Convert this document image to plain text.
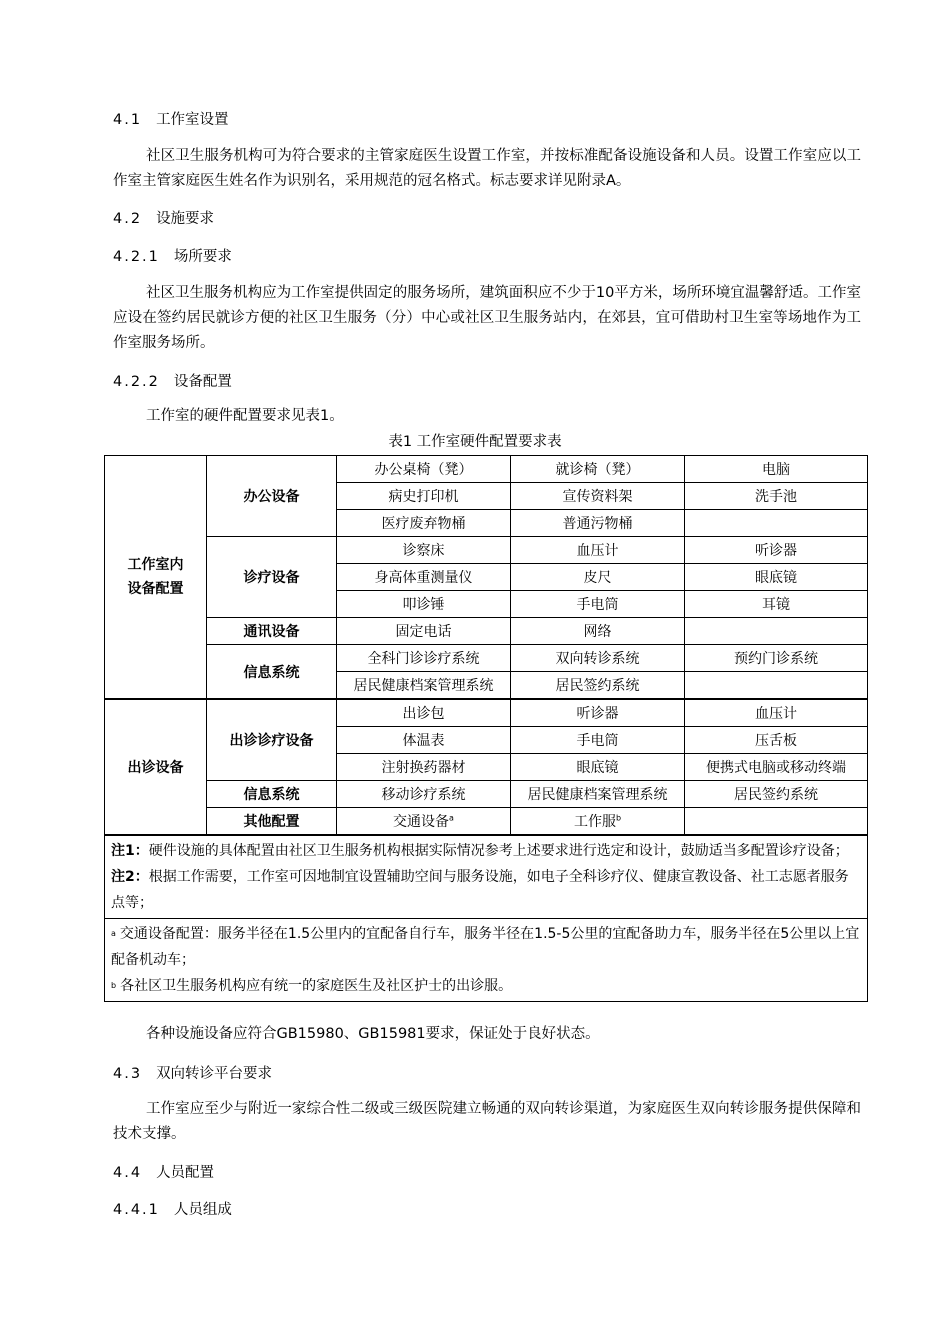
4.1 工作室设置
社区卫生服务机构可为符合要求的主管家庭医生设置工作室，并按标准配备设施设备和人员。设置工作室应以工作室主管家庭医生姓名作为识别名，采用规范的冠名格式。标志要求详见附录A。
4.2 设施要求
4.2.1 场所要求
社区卫生服务机构应为工作室提供固定的服务场所，建筑面积应不少于10平方米，场所环境宜温馨舒适。工作室应设在签约居民就诊方便的社区卫生服务（分）中心或社区卫生服务站内，在郊县，宜可借助村卫生室等场地作为工作室服务场所。
4.2.2 设备配置
工作室的硬件配置要求见表1。
表1 工作室硬件配置要求表
工作室内
设备配置	办公设备	办公桌椅（凳）	就诊椅（凳）	电脑
		病史打印机	宣传资料架	洗手池
		医疗废弃物桶	普通污物桶	
	诊疗设备	诊察床	血压计	听诊器
		身高体重测量仪	皮尺	眼底镜
		叩诊锤	手电筒	耳镜
	通讯设备	固定电话	网络	
	信息系统	全科门诊诊疗系统	双向转诊系统	预约门诊系统
		居民健康档案管理系统	居民签约系统	
出诊设备	出诊诊疗设备	出诊包	听诊器	血压计
		体温表	手电筒	压舌板
		注射换药器材	眼底镜	便携式电脑或移动终端
	信息系统	移动诊疗系统	居民健康档案管理系统	居民签约系统
	其他配置	交通设备$^a$	工作服$^b$	

注1：硬件设施的具体配置由社区卫生服务机构根据实际情况参考上述要求进行选定和设计，鼓励适当多配置诊疗设备；
注2：根据工作需要，工作室可因地制宜设置辅助空间与服务设施，如电子全科诊疗仪、健康宣教设备、社工志愿者服务点等；				

$^a$ 交通设备配置：服务半径在1.5公里内的宜配备自行车，服务半径在1.5-5公里的宜配备助力车，服务半径在5公里以上宜配备机动车；
$^b$ 各社区卫生服务机构应有统一的家庭医生及社区护士的出诊服。				
各种设施设备应符合GB15980、GB15981要求，保证处于良好状态。
4.3 双向转诊平台要求
工作室应至少与附近一家综合性二级或三级医院建立畅通的双向转诊渠道，为家庭医生双向转诊服务提供保障和技术支撑。
4.4 人员配置
4.4.1 人员组成
